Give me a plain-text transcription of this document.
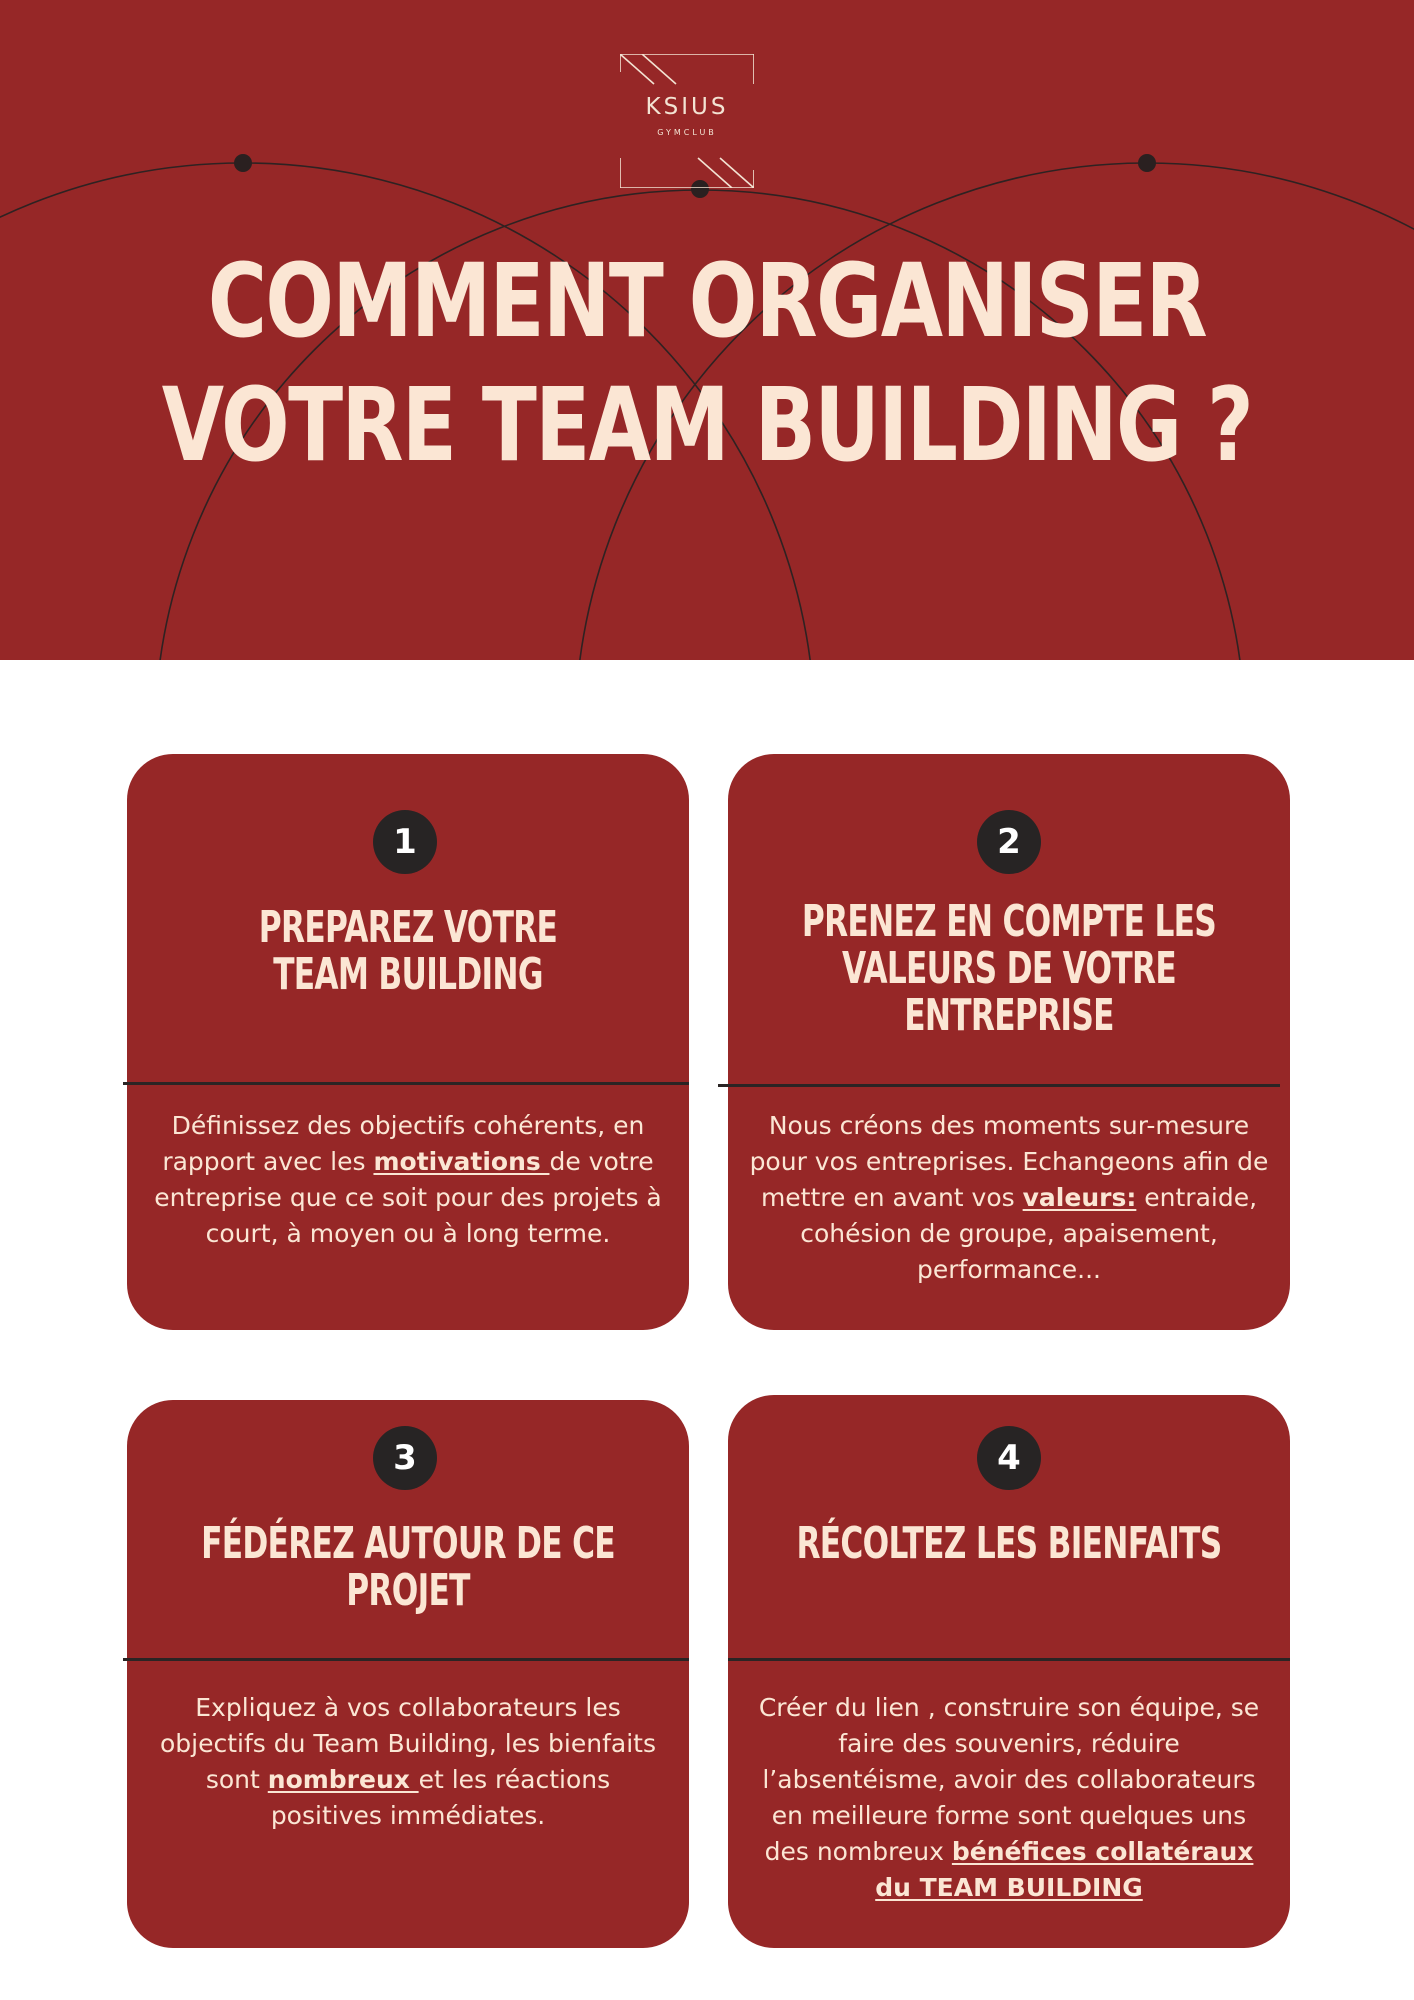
KSIUS
GYMCLUB
COMMENT ORGANISER
VOTRE TEAM BUILDING ?
1
PREPAREZ VOTRE
TEAM BUILDING

Définissez des objectifs cohérents, en rapport avec les motivations de votre entreprise que ce soit pour des projets à court, à moyen ou à long terme.

2
PRENEZ EN COMPTE LES
VALEURS DE VOTRE ENTREPRISE

Nous créons des moments sur-mesure pour vos entreprises. Echangeons afin de mettre en avant vos valeurs: entraide, cohésion de groupe, apaisement, performance...

3
FÉDÉREZ AUTOUR DE CE PROJET

Expliquez à vos collaborateurs les objectifs du Team Building, les bienfaits sont nombreux et les réactions positives immédiates.

4
RÉCOLTEZ LES BIENFAITS

Créer du lien , construire son équipe, se faire des souvenirs, réduire l’absentéisme, avoir des collaborateurs en meilleure forme sont quelques uns des nombreux bénéfices collatéraux du TEAM BUILDING
